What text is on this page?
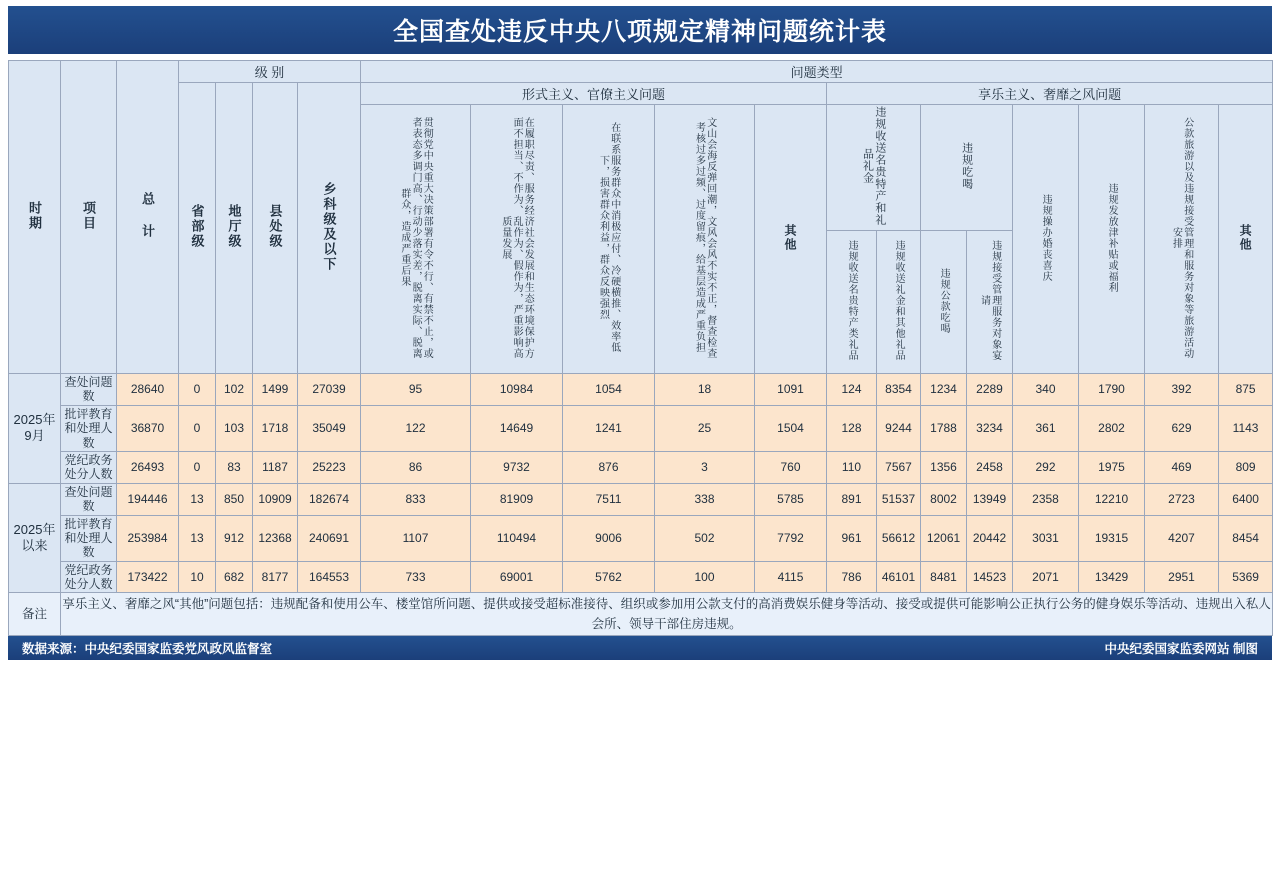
全国查处违反中央八项规定精神问题统计表
时期	项目	总 计	级 别				问题类型												
			省部级	地厅级	县处级	乡科级及以下	形式主义、官僚主义问题					享乐主义、奢靡之风问题							
							贯彻党中央重大决策部署有令不行、有禁不止，或者表态多调门高、行动少落实差，脱离实际、脱离群众，造成严重后果	在履职尽责、服务经济社会发展和生态环境保护方面不担当、不作为、乱作为、假作为，严重影响高质量发展	在联系服务群众中消极应付、冷硬横推、效率低下，损害群众利益，群众反映强烈	文山会海反弹回潮，文风会风不实不正，督查检查考核过多过频、过度留痕，给基层造成严重负担	其他	违规收送名贵特产和礼品礼金		违规吃喝		违规操办婚丧喜庆	违规发放津补贴或福利	公款旅游以及违规接受管理和服务对象等旅游活动安排	其他
												违规收送名贵特产类礼品	违规收送礼金和其他礼品	违规公款吃喝	违规接受管理服务对象宴请				
2025年9月	查处问题数	28640	0	102	1499	27039	95	10984	1054	18	1091	124	8354	1234	2289	340	1790	392	875
	批评教育和处理人数	36870	0	103	1718	35049	122	14649	1241	25	1504	128	9244	1788	3234	361	2802	629	1143
	党纪政务处分人数	26493	0	83	1187	25223	86	9732	876	3	760	110	7567	1356	2458	292	1975	469	809
2025年以来	查处问题数	194446	13	850	10909	182674	833	81909	7511	338	5785	891	51537	8002	13949	2358	12210	2723	6400
	批评教育和处理人数	253984	13	912	12368	240691	1107	110494	9006	502	7792	961	56612	12061	20442	3031	19315	4207	8454
	党纪政务处分人数	173422	10	682	8177	164553	733	69001	5762	100	4115	786	46101	8481	14523	2071	13429	2951	5369
备注	享乐主义、奢靡之风“其他”问题包括：违规配备和使用公车、楼堂馆所问题、提供或接受超标准接待、组织或参加用公款支付的高消费娱乐健身等活动、接受或提供可能影响公正执行公务的健身娱乐等活动、违规出入私人会所、领导干部住房违规。																		
数据来源：中央纪委国家监委党风政风监督室	中央纪委国家监委网站 制图
